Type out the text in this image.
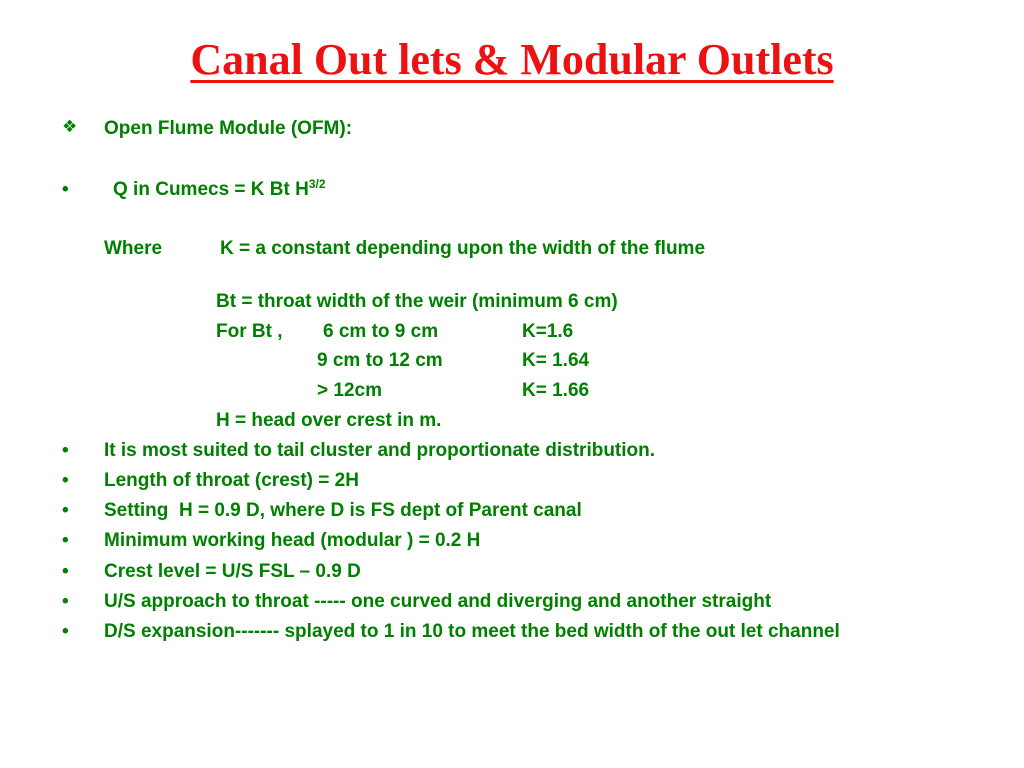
Canal Out lets & Modular Outlets
❖ Open Flume Module (OFM):
• Q in Cumecs = K Bt $H^{3/2}$
Where	K = a constant depending upon the width of the flume
Bt = throat width of the weir (minimum 6 cm)
For Bt , 6 cm to 9 cm	K=1.6
9 cm to 12 cm	K= 1.64
> 12cm	K= 1.66
H = head over crest in m.
• It is most suited to tail cluster and proportionate distribution.
• Length of throat (crest) = 2H
• Setting  H = 0.9 D, where D is FS dept of Parent canal
• Minimum working head (modular ) = 0.2 H
• Crest level = U/S FSL – 0.9 D
• U/S approach to throat ----- one curved and diverging and another straight
• D/S expansion------- splayed to 1 in 10 to meet the bed width of the out let channel
